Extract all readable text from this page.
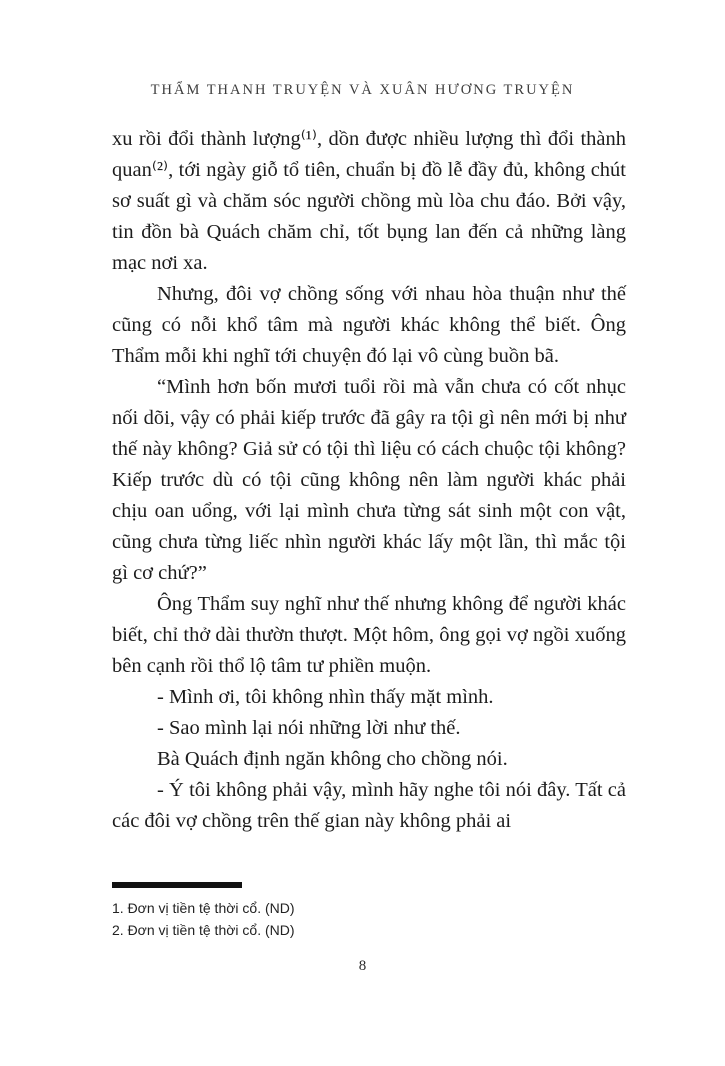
THẨM THANH TRUYỆN VÀ XUÂN HƯƠNG TRUYỆN

xu rồi đổi thành lượng⁽¹⁾, dồn được nhiều lượng thì đổi thành quan⁽²⁾, tới ngày giỗ tổ tiên, chuẩn bị đồ lễ đầy đủ, không chút sơ suất gì và chăm sóc người chồng mù lòa chu đáo. Bởi vậy, tin đồn bà Quách chăm chỉ, tốt bụng lan đến cả những làng mạc nơi xa.

Nhưng, đôi vợ chồng sống với nhau hòa thuận như thế cũng có nỗi khổ tâm mà người khác không thể biết. Ông Thẩm mỗi khi nghĩ tới chuyện đó lại vô cùng buồn bã.

“Mình hơn bốn mươi tuổi rồi mà vẫn chưa có cốt nhục nối dõi, vậy có phải kiếp trước đã gây ra tội gì nên mới bị như thế này không? Giả sử có tội thì liệu có cách chuộc tội không? Kiếp trước dù có tội cũng không nên làm người khác phải chịu oan uổng, với lại mình chưa từng sát sinh một con vật, cũng chưa từng liếc nhìn người khác lấy một lần, thì mắc tội gì cơ chứ?”

Ông Thẩm suy nghĩ như thế nhưng không để người khác biết, chỉ thở dài thườn thượt. Một hôm, ông gọi vợ ngồi xuống bên cạnh rồi thổ lộ tâm tư phiền muộn.

- Mình ơi, tôi không nhìn thấy mặt mình.

- Sao mình lại nói những lời như thế.

Bà Quách định ngăn không cho chồng nói.

- Ý tôi không phải vậy, mình hãy nghe tôi nói đây. Tất cả các đôi vợ chồng trên thế gian này không phải ai

1. Đơn vị tiền tệ thời cổ. (ND)
2. Đơn vị tiền tệ thời cổ. (ND)
8
